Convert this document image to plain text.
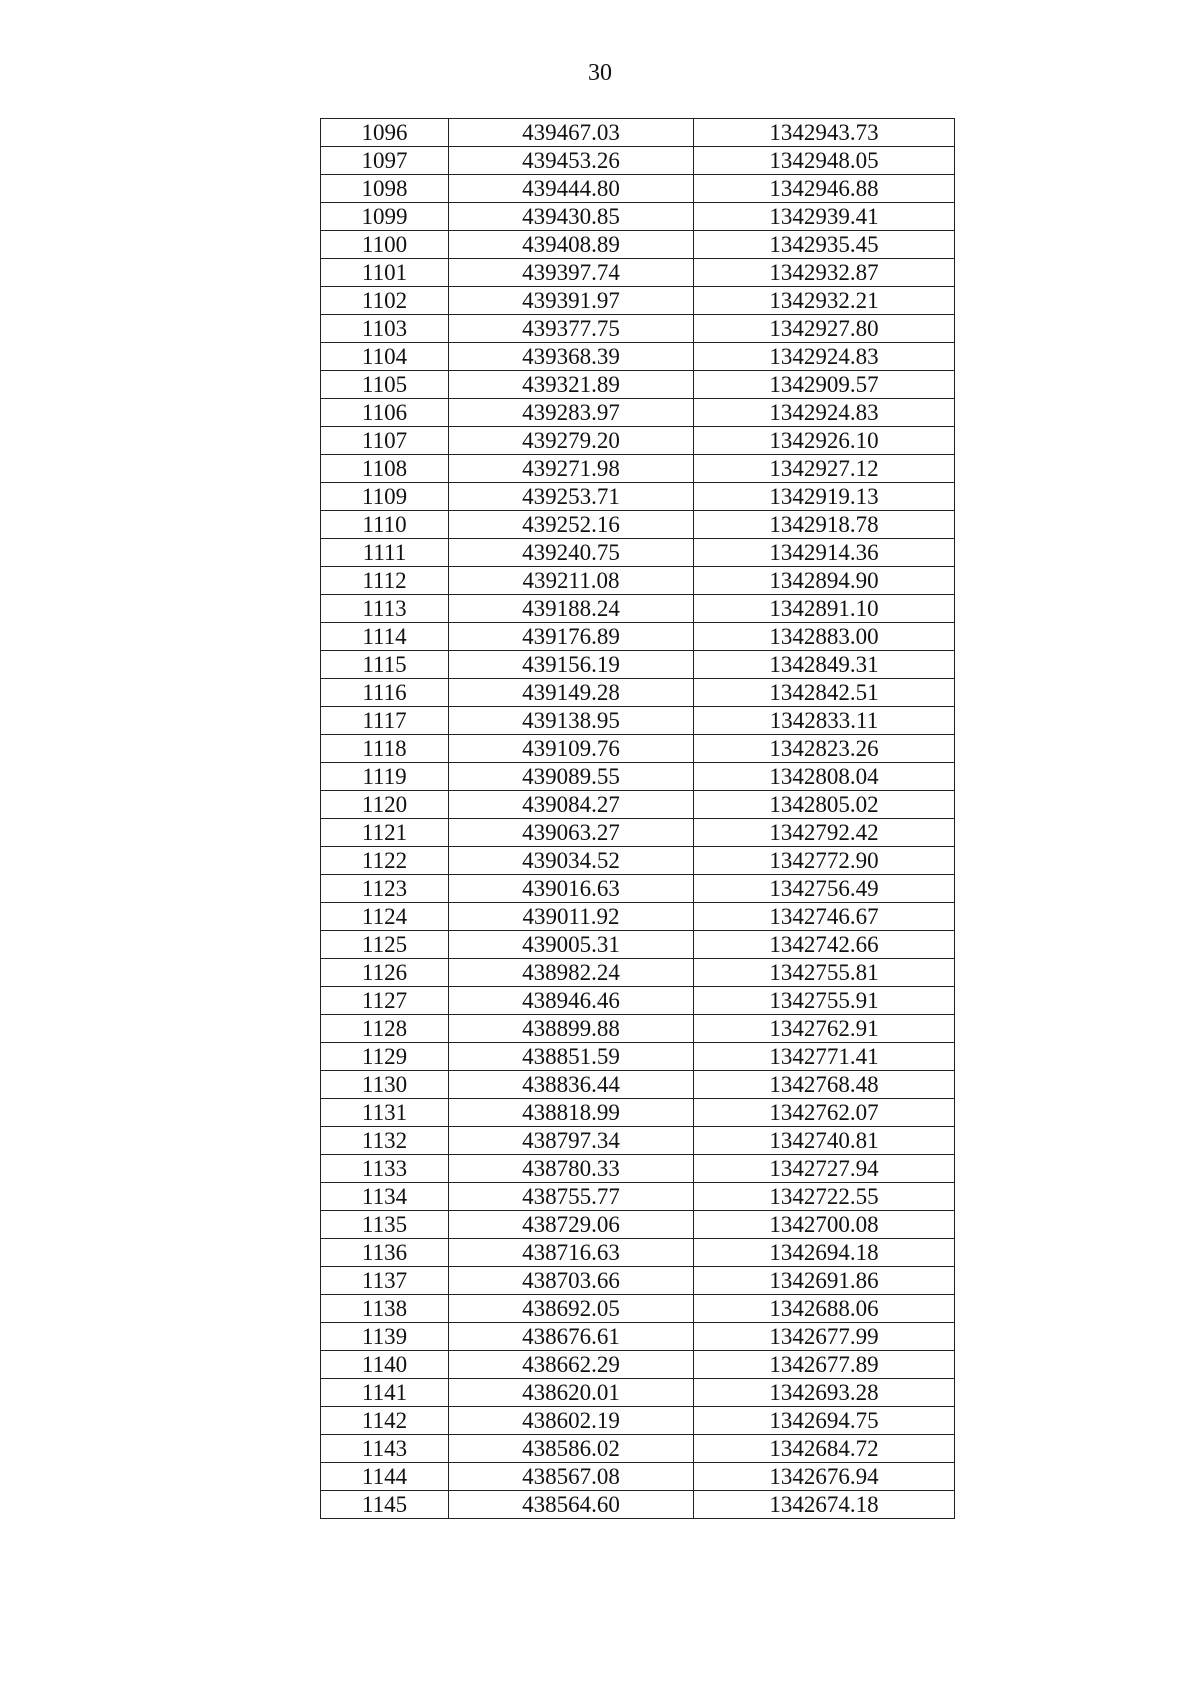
30
1096	439467.03	1342943.73
1097	439453.26	1342948.05
1098	439444.80	1342946.88
1099	439430.85	1342939.41
1100	439408.89	1342935.45
1101	439397.74	1342932.87
1102	439391.97	1342932.21
1103	439377.75	1342927.80
1104	439368.39	1342924.83
1105	439321.89	1342909.57
1106	439283.97	1342924.83
1107	439279.20	1342926.10
1108	439271.98	1342927.12
1109	439253.71	1342919.13
1110	439252.16	1342918.78
1111	439240.75	1342914.36
1112	439211.08	1342894.90
1113	439188.24	1342891.10
1114	439176.89	1342883.00
1115	439156.19	1342849.31
1116	439149.28	1342842.51
1117	439138.95	1342833.11
1118	439109.76	1342823.26
1119	439089.55	1342808.04
1120	439084.27	1342805.02
1121	439063.27	1342792.42
1122	439034.52	1342772.90
1123	439016.63	1342756.49
1124	439011.92	1342746.67
1125	439005.31	1342742.66
1126	438982.24	1342755.81
1127	438946.46	1342755.91
1128	438899.88	1342762.91
1129	438851.59	1342771.41
1130	438836.44	1342768.48
1131	438818.99	1342762.07
1132	438797.34	1342740.81
1133	438780.33	1342727.94
1134	438755.77	1342722.55
1135	438729.06	1342700.08
1136	438716.63	1342694.18
1137	438703.66	1342691.86
1138	438692.05	1342688.06
1139	438676.61	1342677.99
1140	438662.29	1342677.89
1141	438620.01	1342693.28
1142	438602.19	1342694.75
1143	438586.02	1342684.72
1144	438567.08	1342676.94
1145	438564.60	1342674.18
